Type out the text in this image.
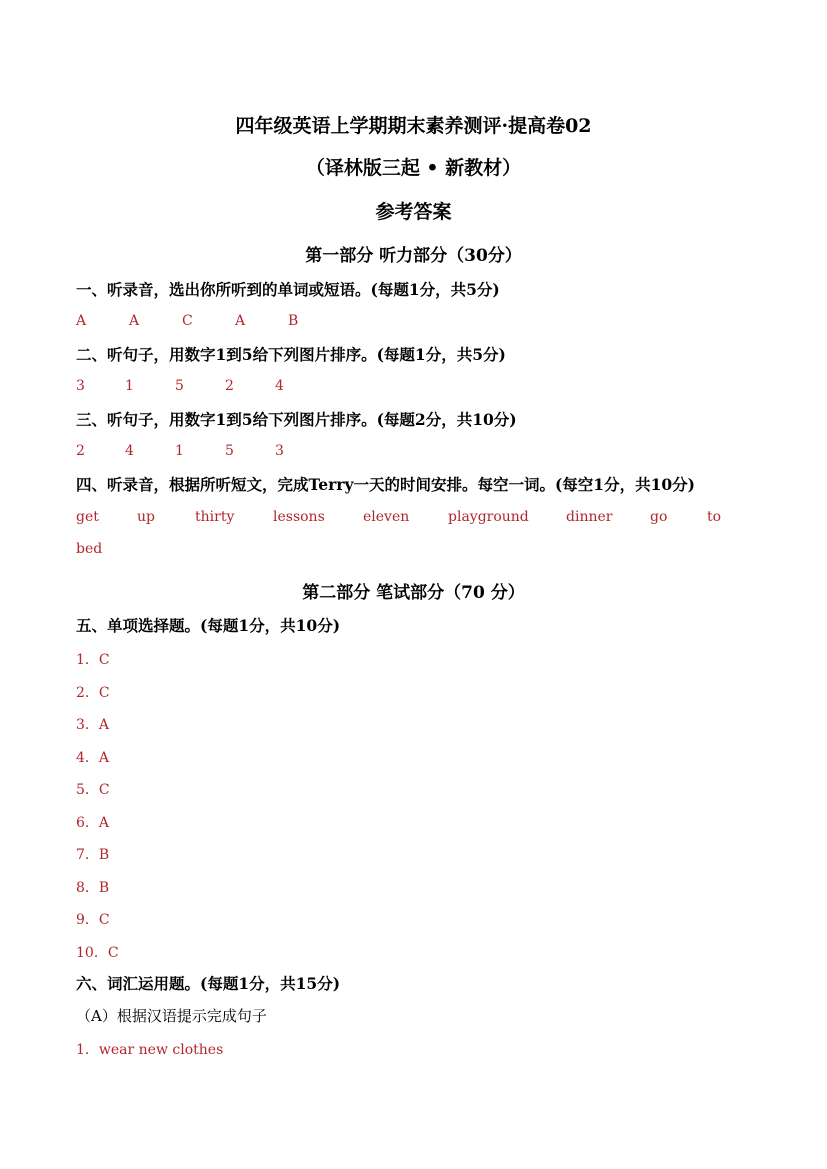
四年级英语上学期期末素养测评·提高卷02
（译林版三起 • 新教材）
参考答案
第一部分 听力部分（30分）
一、听录音，选出你所听到的单词或短语。(每题1分，共5分)
A	A	C	A	B
二、听句子，用数字1到5给下列图片排序。(每题1分，共5分)
3	1	5	2	4
三、听句子，用数字1到5给下列图片排序。(每题2分，共10分)
2	4	1	5	3
四、听录音，根据所听短文，完成Terry一天的时间安排。每空一词。(每空1分，共10分)
get	up	thirty	lessons	eleven	playground	dinner	go	to
bed
第二部分 笔试部分（70 分）
五、单项选择题。(每题1分，共10分)
1．C
2．C
3．A
4．A
5．C
6．A
7．B
8．B
9．C
10．C
六、词汇运用题。(每题1分，共15分)
（A）根据汉语提示完成句子
1．wear new clothes
